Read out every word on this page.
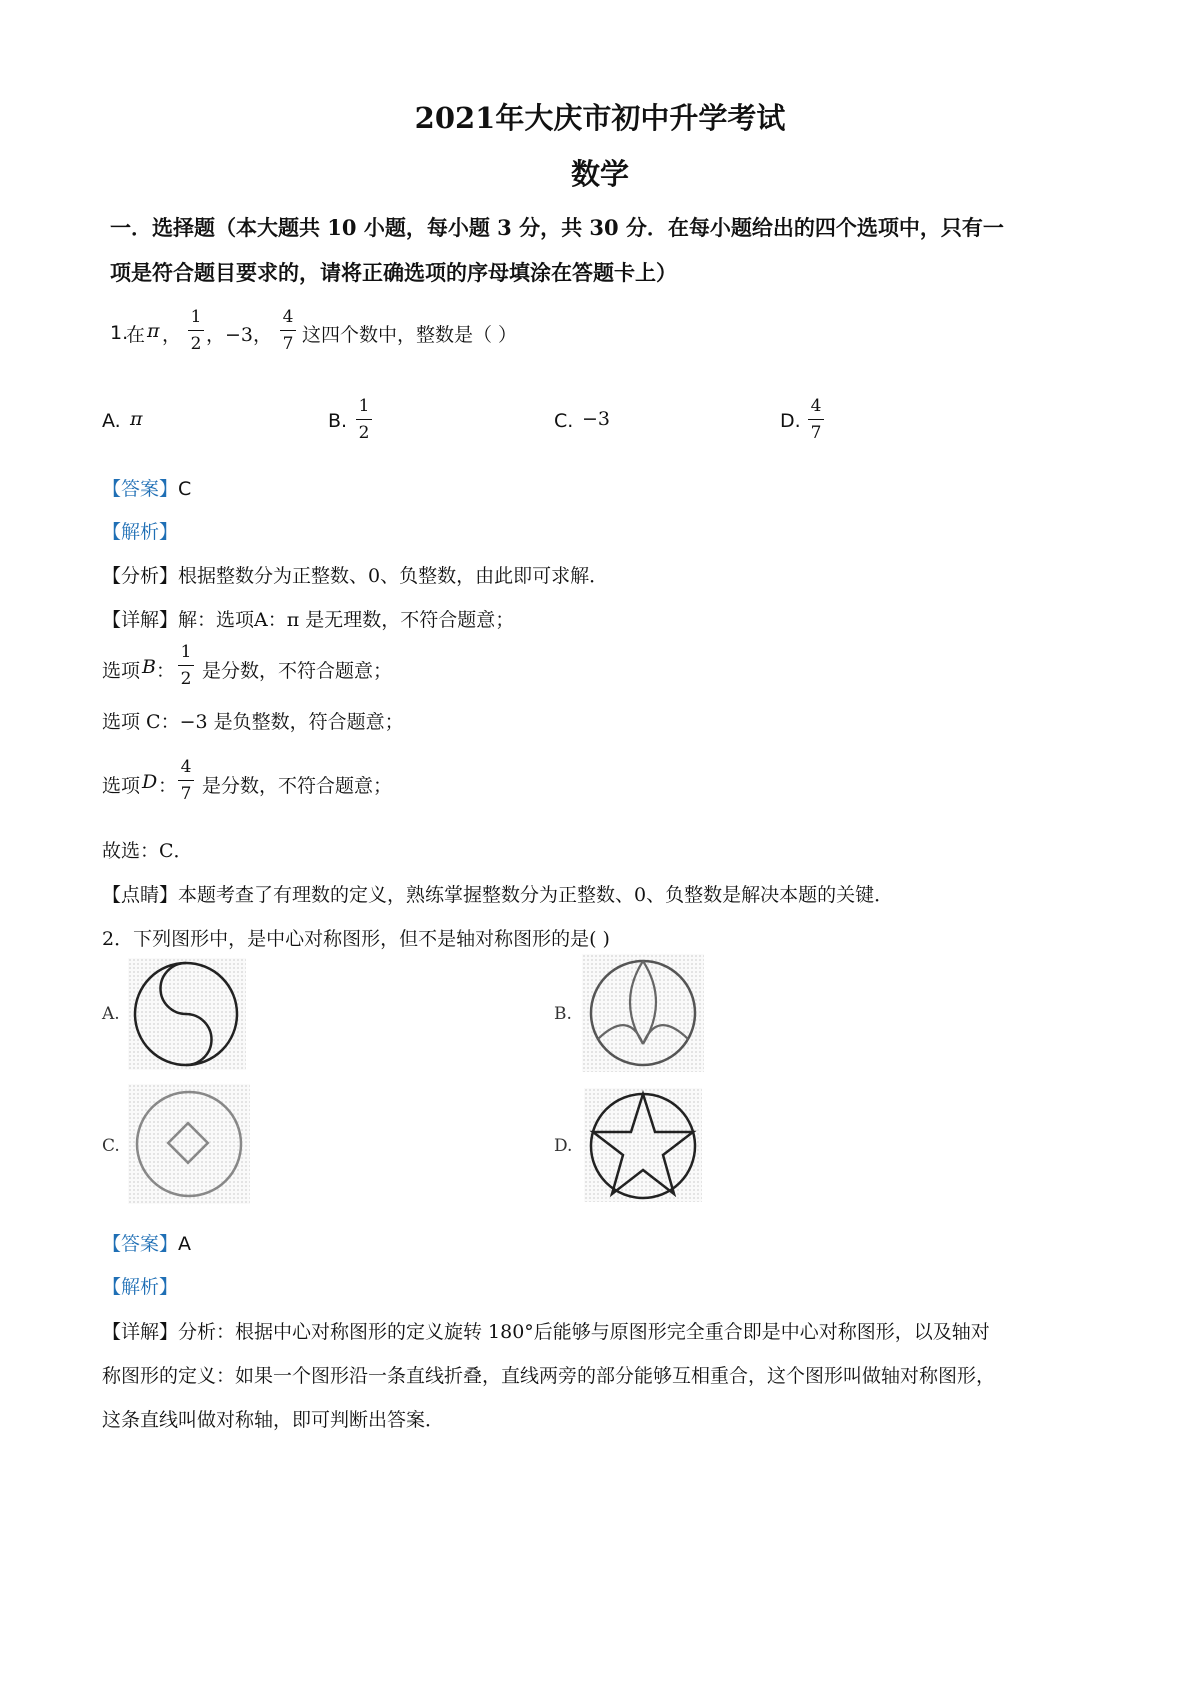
2021年大庆市初中升学考试
数学
一．选择题（本大题共 10 小题，每小题 3 分，共 30 分．在每小题给出的四个选项中，只有一
项是符合题目要求的，请将正确选项的序母填涂在答题卡上）
1.
在 π ，
1
2 ，−3，
4
7 这四个数中，整数是（ ）
A. π	B.
1
2
C. −3	D.
4
7
【答案】C
【解析】
【分析】根据整数分为正整数、0、负整数，由此即可求解．
【详解】解：选项A：π 是无理数，不符合题意；
选项 B ：
1
2 是分数，不符合题意；
选项 C：−3 是负整数，符合题意；
选项 D ：
4
7 是分数，不符合题意；
故选：C．
【点睛】本题考查了有理数的定义，熟练掌握整数分为正整数、0、负整数是解决本题的关键．
2．下列图形中，是中心对称图形，但不是轴对称图形的是( )
A.	B.
C.	D.
【答案】A
【解析】
【详解】分析：根据中心对称图形的定义旋转 180°后能够与原图形完全重合即是中心对称图形，以及轴对
称图形的定义：如果一个图形沿一条直线折叠，直线两旁的部分能够互相重合，这个图形叫做轴对称图形，
这条直线叫做对称轴，即可判断出答案．
